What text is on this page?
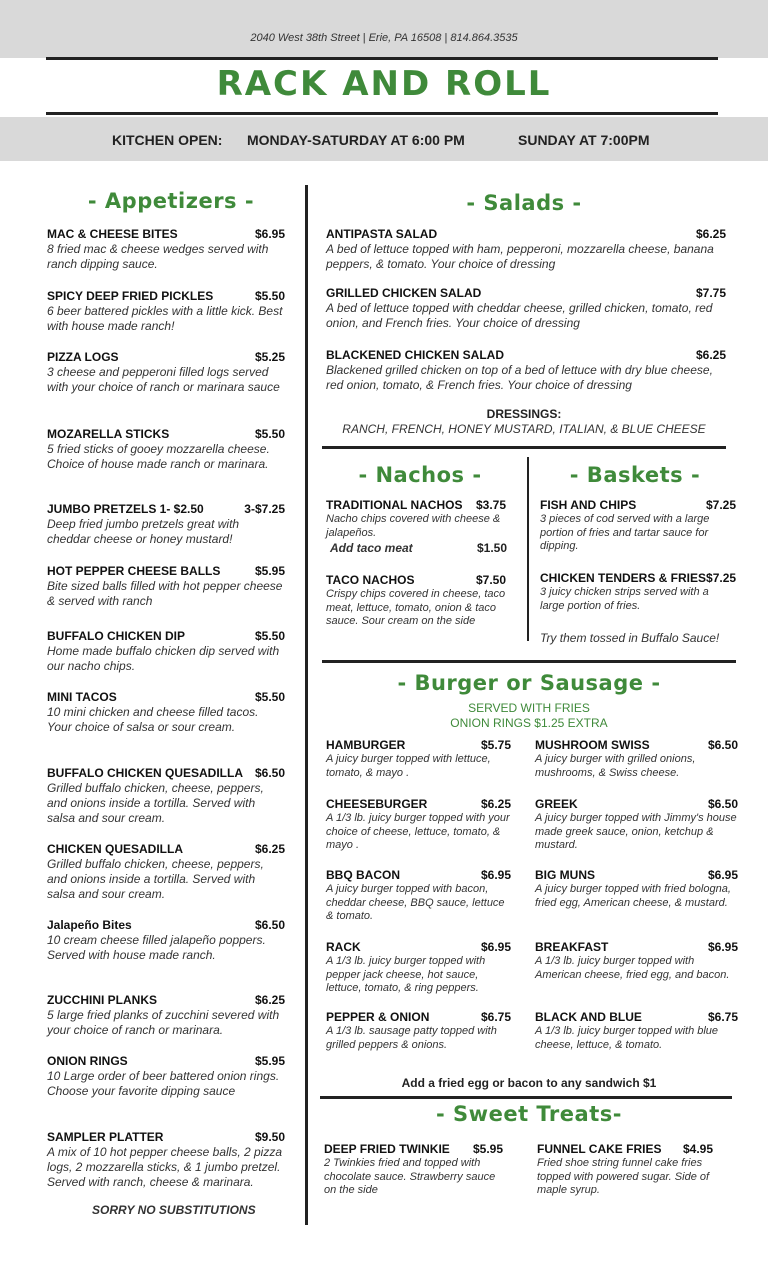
2040 West 38th Street | Erie, PA 16508 | 814.864.3535
RACK AND ROLL
KITCHEN OPEN: MONDAY-SATURDAY AT 6:00 PM	SUNDAY AT 7:00PM
- Appetizers -
MAC & CHEESE BITES	$6.95
8 fried mac & cheese wedges served with ranch dipping sauce.
SPICY DEEP FRIED PICKLES	$5.50
6 beer battered pickles with a little kick. Best with house made ranch!
PIZZA LOGS	$5.25
3 cheese and pepperoni filled logs served with your choice of ranch or marinara sauce
MOZARELLA STICKS	$5.50
5 fried sticks of gooey mozzarella cheese. Choice of house made ranch or marinara.
JUMBO PRETZELS 1- $2.50	3-$7.25
Deep fried jumbo pretzels great with cheddar cheese or honey mustard!
HOT PEPPER CHEESE BALLS	$5.95
Bite sized balls filled with hot pepper cheese & served with ranch
BUFFALO CHICKEN DIP	$5.50
Home made buffalo chicken dip served with our nacho chips.
MINI TACOS	$5.50
10 mini chicken and cheese filled tacos. Your choice of salsa or sour cream.
BUFFALO CHICKEN QUESADILLA $6.50
Grilled buffalo chicken, cheese, peppers, and onions inside a tortilla. Served with salsa and sour cream.
CHICKEN QUESADILLA	$6.25
Grilled buffalo chicken, cheese, peppers, and onions inside a tortilla. Served with salsa and sour cream.
Jalapeño Bites	$6.50
10 cream cheese filled jalapeño poppers. Served with house made ranch.
ZUCCHINI PLANKS	$6.25
5 large fried planks of zucchini severed with your choice of ranch or marinara.
ONION RINGS	$5.95
10 Large order of beer battered onion rings. Choose your favorite dipping sauce
SAMPLER PLATTER	$9.50
A mix of 10 hot pepper cheese balls, 2 pizza logs, 2 mozzarella sticks, & 1 jumbo pretzel. Served with ranch, cheese & marinara.
SORRY NO SUBSTITUTIONS
- Salads -
ANTIPASTA SALAD	$6.25
A bed of lettuce topped with ham, pepperoni, mozzarella cheese, banana peppers, & tomato. Your choice of dressing
GRILLED CHICKEN SALAD	$7.75
A bed of lettuce topped with cheddar cheese, grilled chicken, tomato, red onion, and French fries. Your choice of dressing
BLACKENED CHICKEN SALAD	$6.25
Blackened grilled chicken on top of a bed of lettuce with dry blue cheese, red onion, tomato, & French fries. Your choice of dressing
DRESSINGS:
RANCH, FRENCH, HONEY MUSTARD, ITALIAN, & BLUE CHEESE
- Nachos -
TRADITIONAL NACHOS $3.75
Nacho chips covered with cheese & jalapeños.
TACO NACHOS	$7.50
Crispy chips covered in cheese, taco meat, lettuce, tomato, onion & taco sauce. Sour cream on the side
Add taco meat	$1.50
- Baskets -
FISH AND CHIPS	$7.25
3 pieces of cod served with a large portion of fries and tartar sauce for dipping.
CHICKEN TENDERS & FRIES $7.25
3 juicy chicken strips served with a large portion of fries.
Try them tossed in Buffalo Sauce!
- Burger or Sausage -
SERVED WITH FRIES
ONION RINGS $1.25 EXTRA
HAMBURGER	$5.75
A juicy burger topped with lettuce, tomato, & mayo .
CHEESEBURGER	$6.25
A 1/3 lb. juicy burger topped with your choice of cheese, lettuce, tomato, & mayo .
BBQ BACON	$6.95
A juicy burger topped with bacon, cheddar cheese, BBQ sauce, lettuce & tomato.
RACK	$6.95
A 1/3 lb. juicy burger topped with pepper jack cheese, hot sauce, lettuce, tomato, & ring peppers.
PEPPER & ONION	$6.75
A 1/3 lb. sausage patty topped with grilled peppers & onions.
MUSHROOM SWISS	$6.50
A juicy burger with grilled onions, mushrooms, & Swiss cheese.
GREEK	$6.50
A juicy burger topped with Jimmy's house made greek sauce, onion, ketchup & mustard.
BIG MUNS	$6.95
A juicy burger topped with fried bologna, fried egg, American cheese, & mustard.
BREAKFAST	$6.95
A 1/3 lb. juicy burger topped with American cheese, fried egg, and bacon.
BLACK AND BLUE	$6.75
A 1/3 lb. juicy burger topped with blue cheese, lettuce, & tomato.
Add a fried egg or bacon to any sandwich $1
- Sweet Treats-
DEEP FRIED TWINKIE $5.95
2 Twinkies fried and topped with chocolate sauce. Strawberry sauce on the side
FUNNEL CAKE FRIES $4.95
Fried shoe string funnel cake fries topped with powered sugar. Side of maple syrup.
